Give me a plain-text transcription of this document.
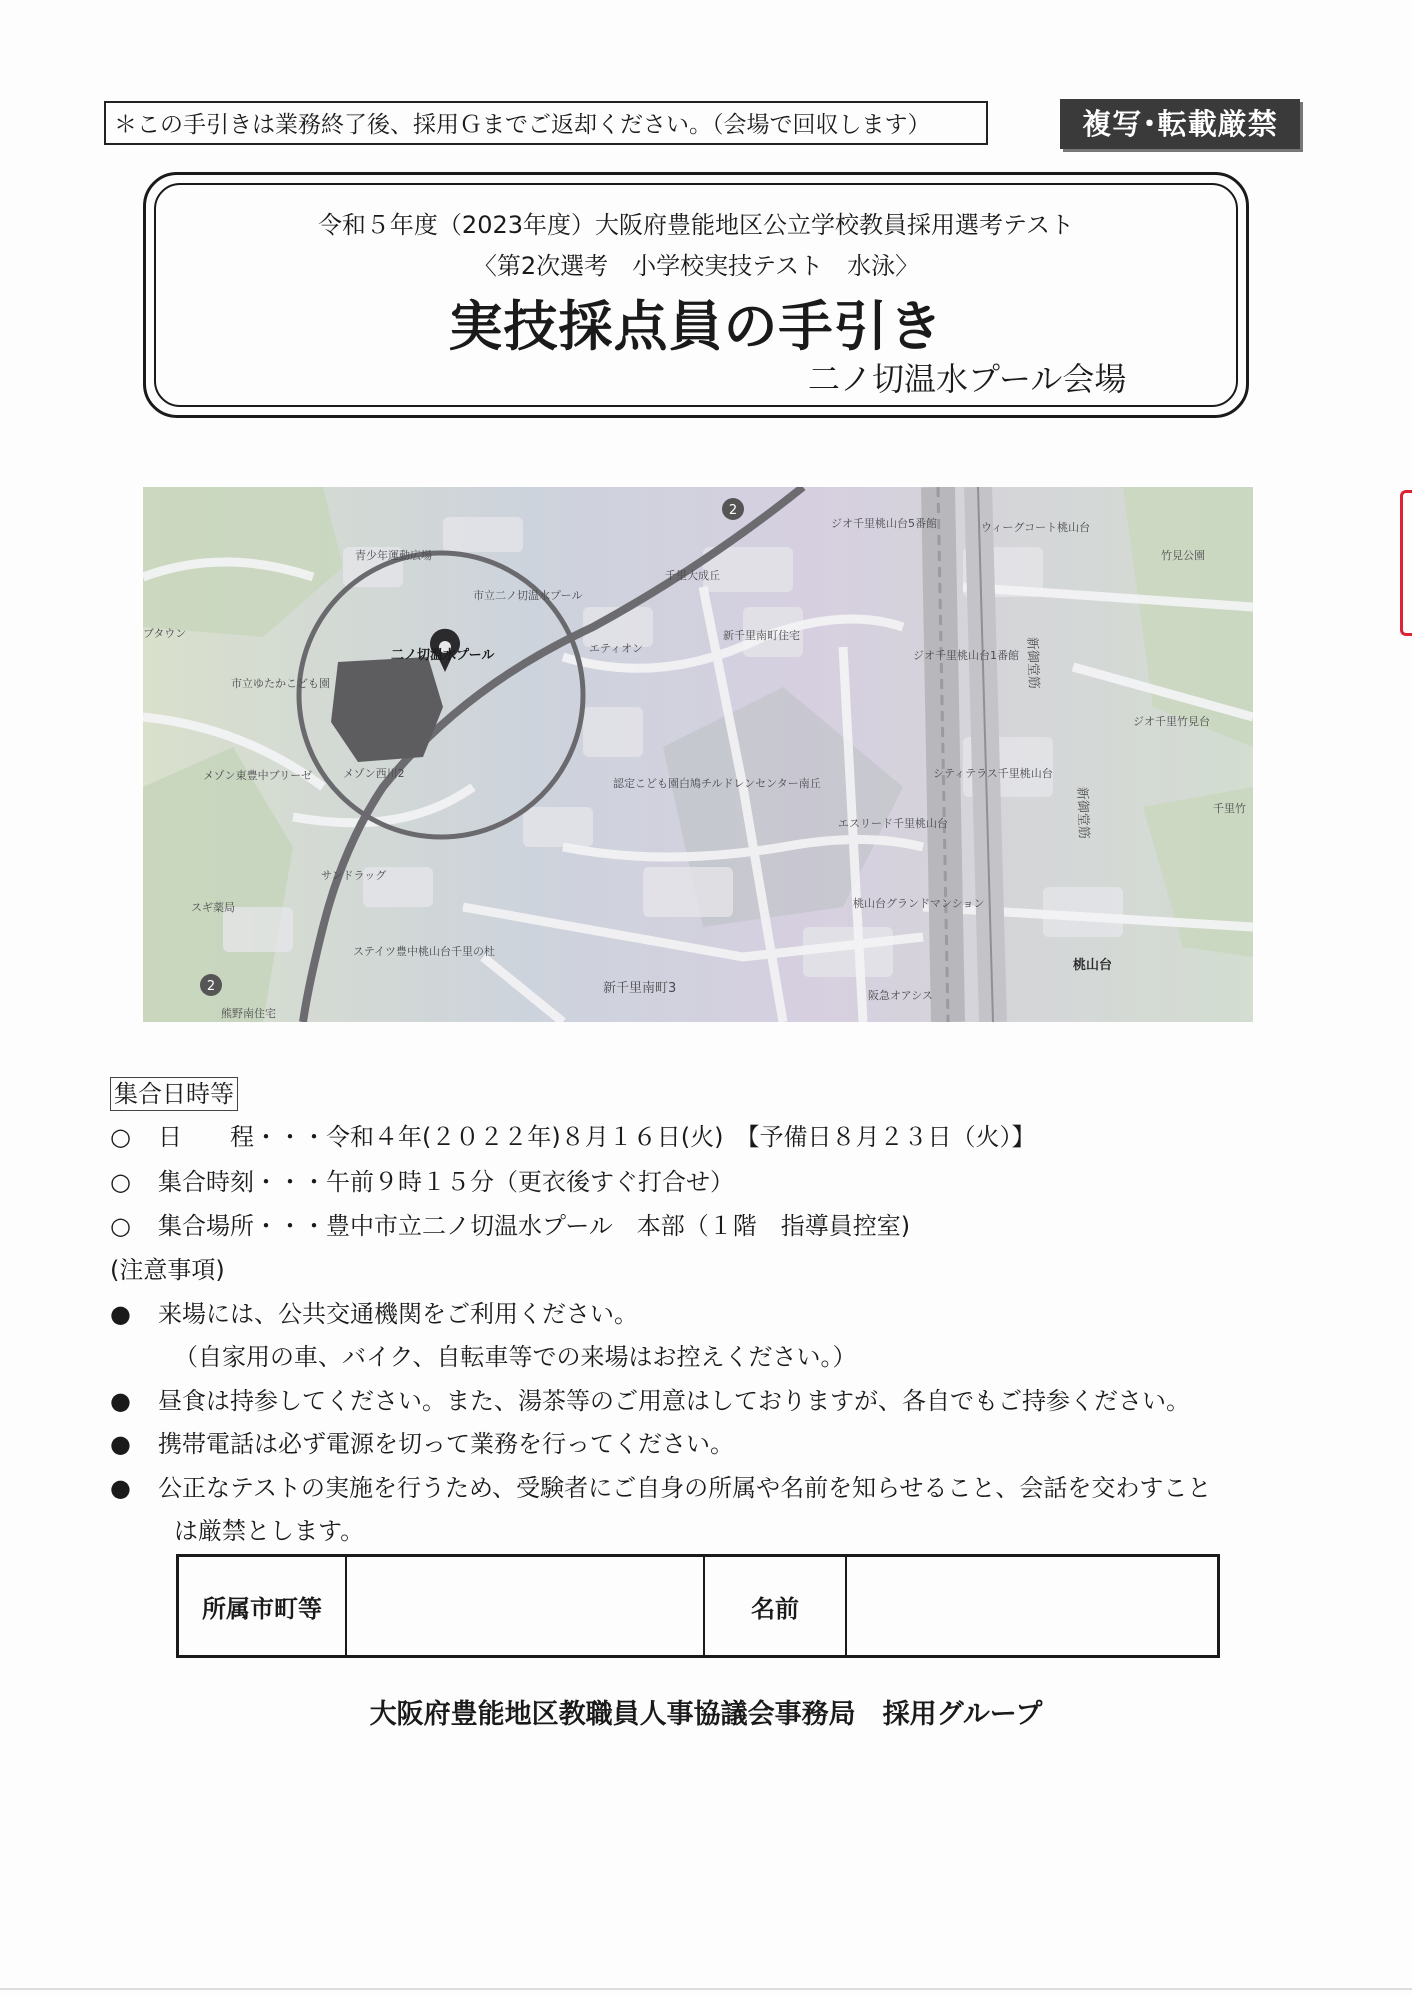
＊この手引きは業務終了後、採用Ｇまでご返却ください。（会場で回収します）	複写･転載厳禁
令和５年度（2023年度）大阪府豊能地区公立学校教員採用選考テスト
〈第2次選考　小学校実技テスト　水泳〉
実技採点員の手引き
二ノ切温水プール会場
2
2
二ノ切温水プール
市立二ノ切温水プール
青少年運動広場
市立ゆたかこども園
メゾン東豊中ブリーゼ	メゾン西川2
サンドラッグ
スギ薬局
ステイツ豊中桃山台千里の杜
熊野南住宅
エティオン
新千里南町住宅
認定こども園白鳩チルドレンセンター南丘
新千里南町3
ジオ千里桃山台5番館
ジオ千里桃山台1番館
ジオ千里竹見台
ウィーグコート桃山台
竹見公園
シティテラス千里桃山台
エスリード千里桃山台
桃山台グランドマンション
阪急オアシス
桃山台
新御堂筋
新御堂筋
千里大成丘
ブタウン
千里竹
集合日時等
○ 日　　程・・・令和４年(２０２２年)８月１６日(火)　【予備日８月２３日（火）】
○ 集合時刻・・・午前９時１５分（更衣後すぐ打合せ）
○ 集合場所・・・豊中市立二ノ切温水プール　本部（１階　指導員控室)
(注意事項)
● 来場には、公共交通機関をご利用ください。
（自家用の車、バイク、自転車等での来場はお控えください。）
● 昼食は持参してください。また、湯茶等のご用意はしておりますが、各自でもご持参ください。
● 携帯電話は必ず電源を切って業務を行ってください。
● 公正なテストの実施を行うため、受験者にご自身の所属や名前を知らせること、会話を交わすこと
は厳禁とします。
所属市町等		名前	
大阪府豊能地区教職員人事協議会事務局　採用グループ
